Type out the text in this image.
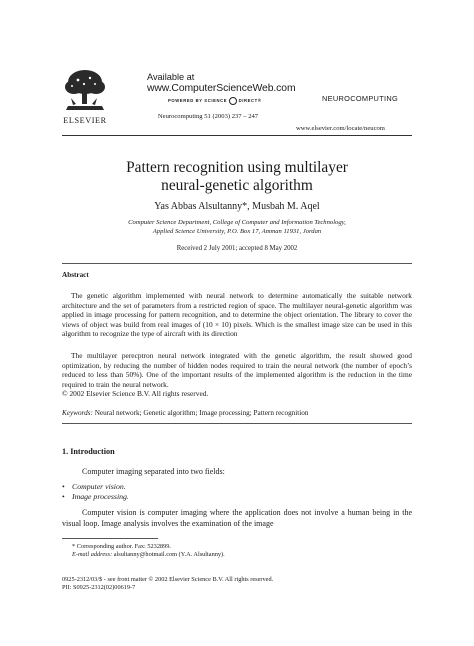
ELSEVIER
Available at
www.ComputerScienceWeb.com
POWERED BY SCIENCE	DIRECT®
Neurocomputing 51 (2003) 237 – 247
NEUROCOMPUTING
www.elsevier.com/locate/neucom
Pattern recognition using multilayer
neural-genetic algorithm
Yas Abbas Alsultanny*, Musbah M. Aqel
Computer Science Department, College of Computer and Information Technology,
Applied Science University, P.O. Box 17, Amman 11931, Jordan
Received 2 July 2001; accepted 8 May 2002
Abstract
The genetic algorithm implemented with neural network to determine automatically the suitable network architecture and the set of parameters from a restricted region of space. The multilayer neural-genetic algorithm was applied in image processing for pattern recognition, and to determine the object orientation. The library to cover the views of object was build from real images of (10 × 10) pixels. Which is the smallest image size can be used in this algorithm to recognize the type of aircraft with its direction
The multilayer perecptron neural network integrated with the genetic algorithm, the result showed good optimization, by reducing the number of hidden nodes required to train the neural network (the number of epoch’s reduced to less than 50%). One of the important results of the implemented algorithm is the reduction in the time required to train the neural network.
© 2002 Elsevier Science B.V. All rights reserved.
Keywords: Neural network; Genetic algorithm; Image processing; Pattern recognition
1. Introduction
Computer imaging separated into two fields:
• Computer vision.
• Image processing.
Computer vision is computer imaging where the application does not involve a human being in the visual loop. Image analysis involves the examination of the image
* Corresponding author. Fax: 5232899.
E-mail address: alsultanny@hotmail.com (Y.A. Alsultanny).
0925-2312/03/$ - see front matter © 2002 Elsevier Science B.V. All rights reserved.
PII: S0925-2312(02)00619-7
